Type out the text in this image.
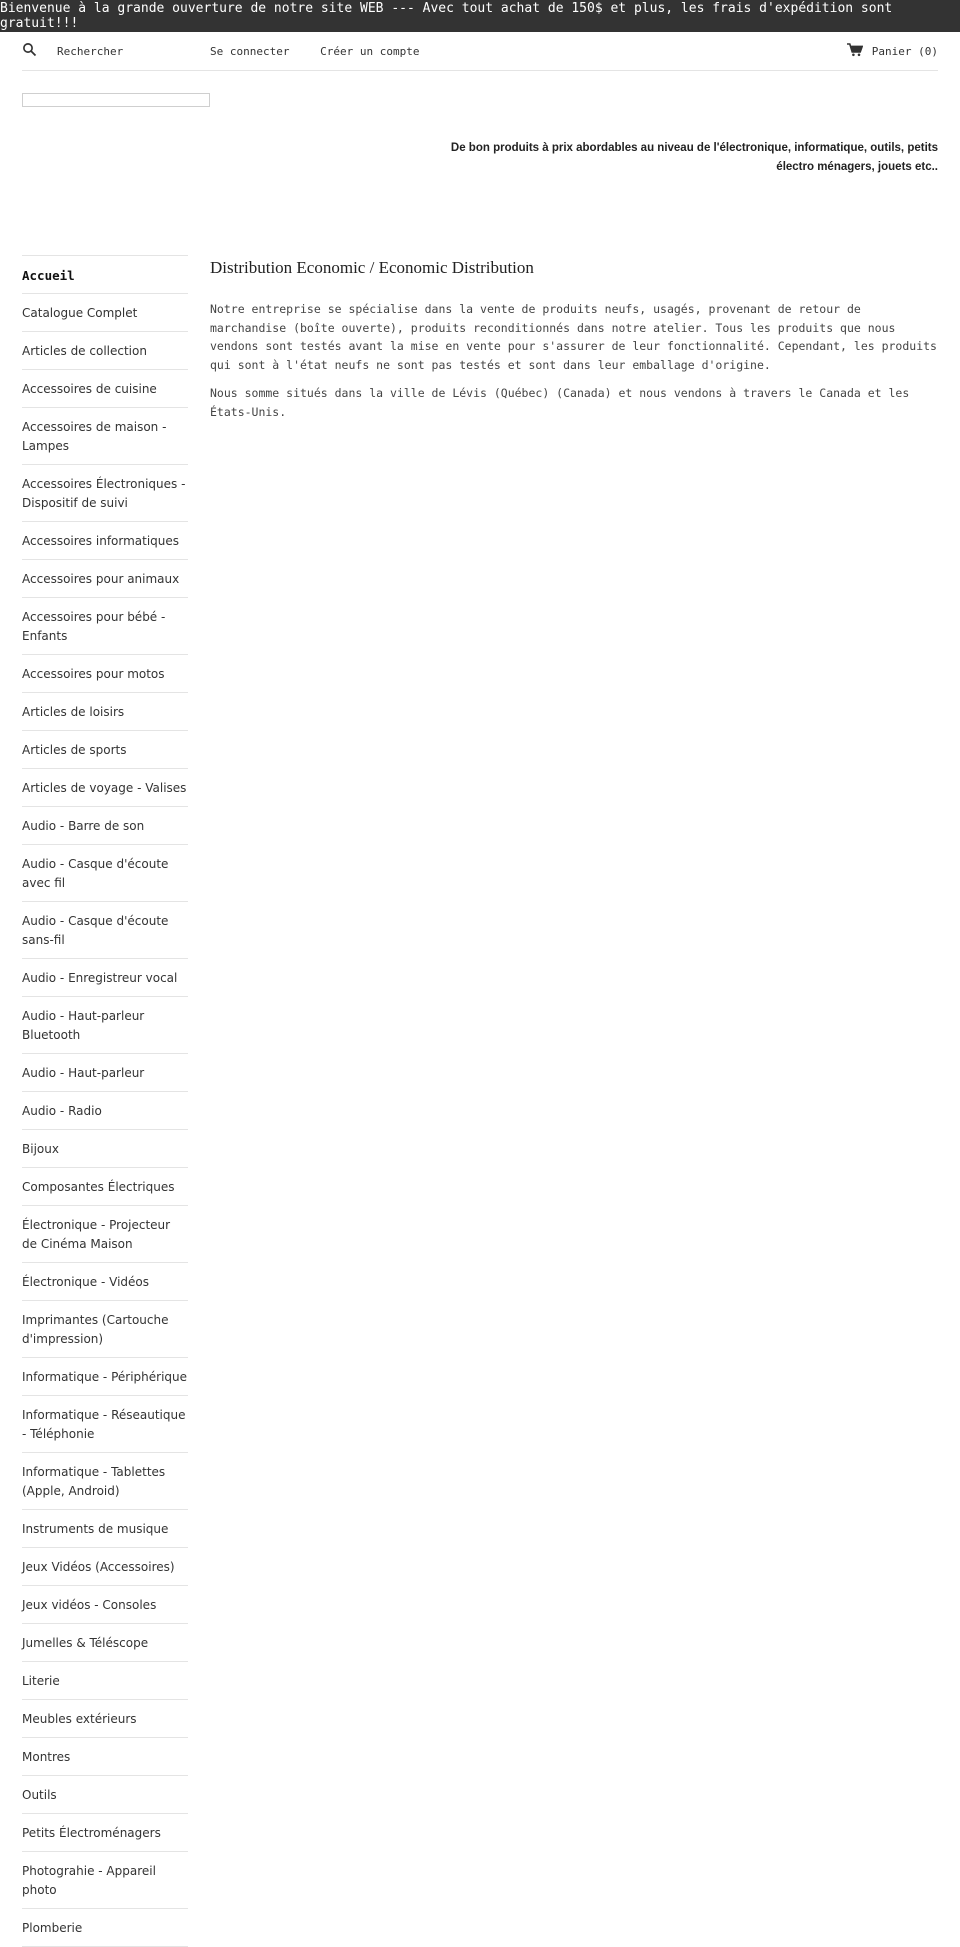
Bienvenue à la grande ouverture de notre site WEB --- Avec tout achat de 150$ et plus, les frais d'expédition sont gratuit!!!
Rechercher
Se connecter	Créer un compte	Panier (0)
De bon produits à prix abordables au niveau de l'électronique, informatique, outils, petits électro ménagers, jouets etc..
Accueil
Catalogue Complet
Articles de collection
Accessoires de cuisine
Accessoires de maison - Lampes
Accessoires Électroniques - Dispositif de suivi
Accessoires informatiques
Accessoires pour animaux
Accessoires pour bébé - Enfants
Accessoires pour motos
Articles de loisirs
Articles de sports
Articles de voyage - Valises
Audio - Barre de son
Audio - Casque d'écoute avec fil
Audio - Casque d'écoute sans-fil
Audio - Enregistreur vocal
Audio - Haut-parleur Bluetooth
Audio - Haut-parleur
Audio - Radio
Bijoux
Composantes Électriques
Électronique - Projecteur de Cinéma Maison
Électronique - Vidéos
Imprimantes (Cartouche d'impression)
Informatique - Périphérique
Informatique - Réseautique - Téléphonie
Informatique - Tablettes (Apple, Android)
Instruments de musique
Jeux Vidéos (Accessoires)
Jeux vidéos - Consoles
Jumelles & Téléscope
Literie
Meubles extérieurs
Montres
Outils
Petits Électroménagers
Photograhie - Appareil photo
Plomberie
Distribution Economic / Economic Distribution

Notre entreprise se spécialise dans la vente de produits neufs, usagés, provenant de retour de marchandise (boîte ouverte), produits reconditionnés dans notre atelier. Tous les produits que nous vendons sont testés avant la mise en vente pour s'assurer de leur fonctionnalité. Cependant, les produits qui sont à l'état neufs ne sont pas testés et sont dans leur emballage d'origine.

Nous somme situés dans la ville de Lévis (Québec) (Canada) et nous vendons à travers le Canada et les États-Unis.
